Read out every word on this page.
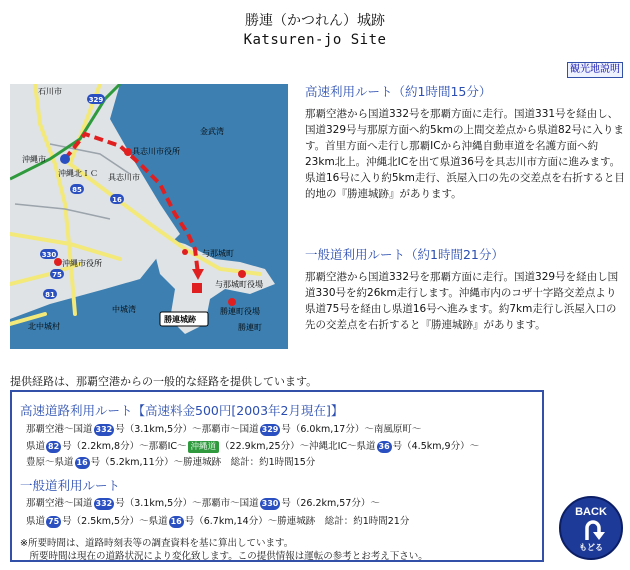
勝連（かつれん）城跡
Katsuren-jo Site
観光地説明
329
330
85
81
16
75
石川市
金武湾
具志川市役所
沖縄市
沖縄北ＩＣ 具志川市
与那城町
沖縄市役所
与那城町役場
勝連町役場
北中城村
中城湾
勝連町
勝連城跡
高速利用ルート（約1時間15分）

那覇空港から国道332号を那覇方面に走行。国道331号を経由し、国道329号与那原方面へ約5kmの上間交差点から県道82号に入ります。首里方面へ走行し那覇ICから沖縄自動車道を名護方面へ約23km北上。沖縄北ICを出て県道36号を具志川市方面に進みます。県道16号に入り約5km走行、浜屋入口の先の交差点を右折すると目的地の『勝連城跡』があります。

一般道利用ルート（約1時間21分）

那覇空港から国道332号を那覇方面に走行。国道329号を経由し国道330号を約26km走行します。沖縄市内のコザ十字路交差点より県道75号を経由し県道16号へ進みます。約7km走行し浜屋入口の先の交差点を右折すると『勝連城跡』があります。

提供経路は、那覇空港からの一般的な経路を提供しています。
高速道路利用ルート【高速料金500円[2003年2月現在]】
那覇空港～国道 332 号（3.1km,5分）～那覇市～国道 329 号（6.0km,17分）～南風原町～
県道 82 号（2.2km,8分）～那覇IC～ 沖縄道 （22.9km,25分）～沖縄北IC～県道 36 号（4.5km,9分）～
豊原～県道 16 号（5.2km,11分）～勝連城跡　総計：約1時間15分
一般道利用ルート
那覇空港～国道 332 号（3.1km,5分）～那覇市～国道 330 号（26.2km,57分）～
県道 75 号（2.5km,5分）～県道 16 号（6.7km,14分）～勝連城跡　総計：約1時間21分
※所要時間は、道路時刻表等の調査資料を基に算出しています。
　所要時間は現在の道路状況により変化致します。この提供情報は運転の参考とお考え下さい。
BACK
もどる
